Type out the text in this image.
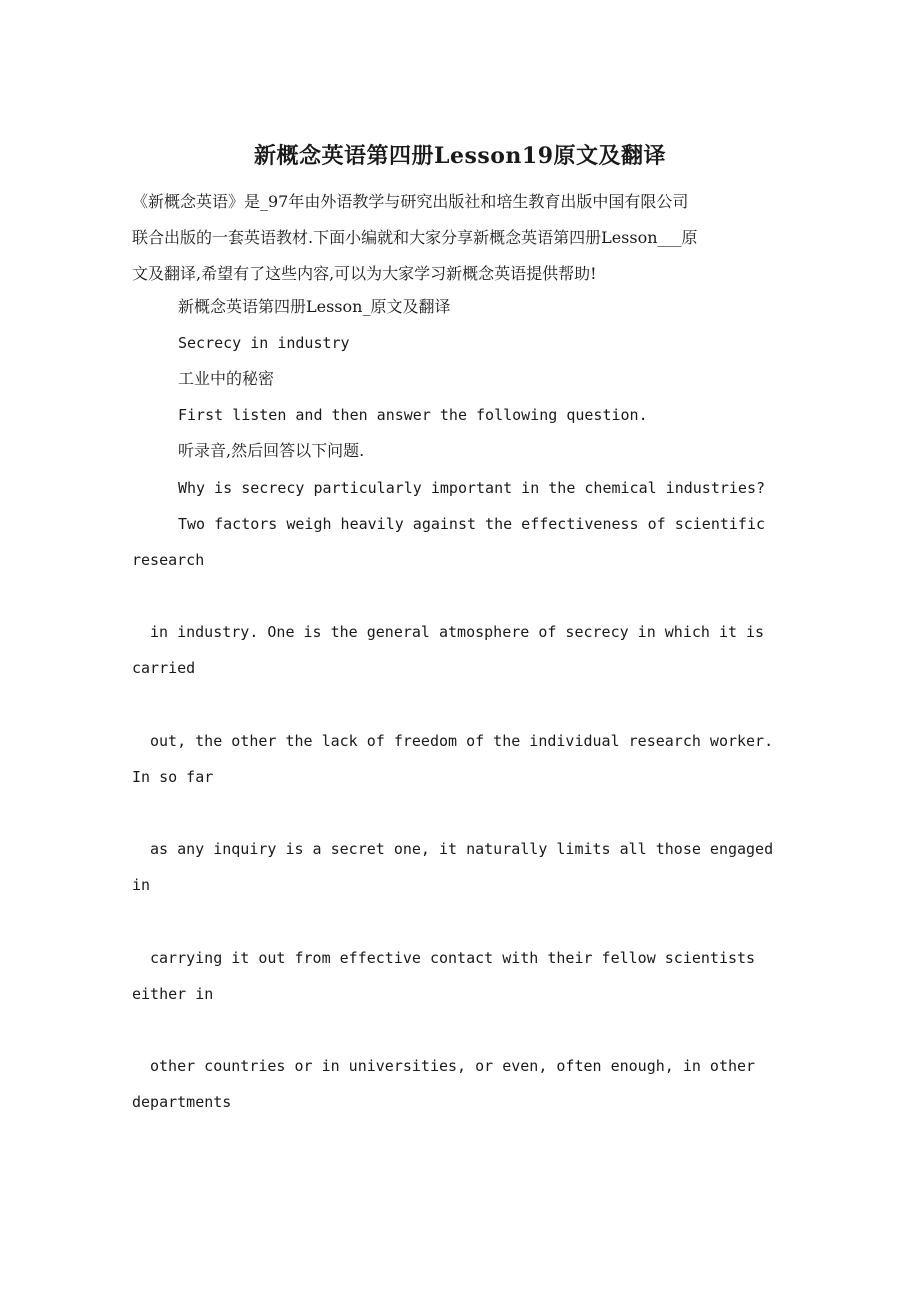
新概念英语第四册Lesson19原文及翻译

《新概念英语》是_97年由外语教学与研究出版社和培生教育出版中国有限公司

联合出版的一套英语教材.下面小编就和大家分享新概念英语第四册Lesson___原

文及翻译,希望有了这些内容,可以为大家学习新概念英语提供帮助!

新概念英语第四册Lesson_原文及翻译
Secrecy in industry
工业中的秘密
First listen and then answer the following question.
听录音,然后回答以下问题.
Why is secrecy particularly important in the chemical industries?
Two factors weigh heavily against the effectiveness of scientific
research
in industry. One is the general atmosphere of secrecy in which it is
carried
out, the other the lack of freedom of the individual research worker.
In so far
as any inquiry is a secret one, it naturally limits all those engaged
in
carrying it out from effective contact with their fellow scientists
either in
other countries or in universities, or even, often enough, in other
departments
